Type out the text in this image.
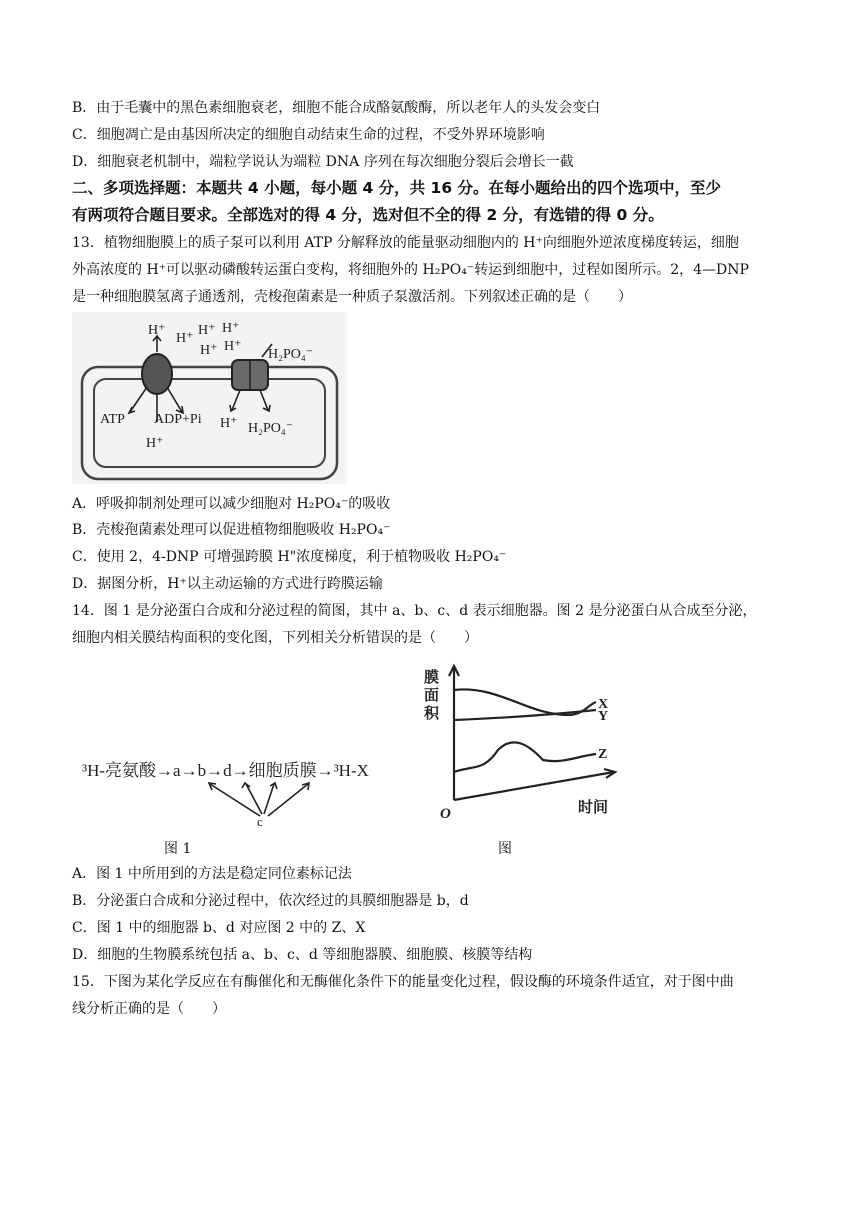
B．由于毛囊中的黑色素细胞衰老，细胞不能合成酪氨酸酶，所以老年人的头发会变白
C．细胞凋亡是由基因所决定的细胞自动结束生命的过程，不受外界环境影响
D．细胞衰老机制中，端粒学说认为端粒 DNA 序列在每次细胞分裂后会增长一截
二、多项选择题：本题共 4 小题，每小题 4 分，共 16 分。在每小题给出的四个选项中，至少
有两项符合题目要求。全部选对的得 4 分，选对但不全的得 2 分，有选错的得 0 分。
13．植物细胞膜上的质子泵可以利用 ATP 分解释放的能量驱动细胞内的 H⁺向细胞外逆浓度梯度转运，细胞
外高浓度的 H⁺可以驱动磷酸转运蛋白变构，将细胞外的 H₂PO₄⁻转运到细胞中，过程如图所示。2，4—DNP
是一种细胞膜氢离子通透剂，壳梭孢菌素是一种质子泵激活剂。下列叙述正确的是（　　）
H⁺
H⁺
H⁺ H⁺
H⁺ H⁺
H₂PO₄⁻
ATP ADP+Pi
H⁺
H⁺ H₂PO₄⁻
A．呼吸抑制剂处理可以减少细胞对 H₂PO₄⁻的吸收
B．壳梭孢菌素处理可以促进植物细胞吸收 H₂PO₄⁻
C．使用 2，4-DNP 可增强跨膜 H"浓度梯度，利于植物吸收 H₂PO₄⁻
D．据图分析，H⁺以主动运输的方式进行跨膜运输
14．图 1 是分泌蛋白合成和分泌过程的简图，其中 a、b、c、d 表示细胞器。图 2 是分泌蛋白从合成至分泌，
细胞内相关膜结构面积的变化图，下列相关分析错误的是（　　）
³H-亮氨酸→a→b→d→细胞质膜→³H-X
c
膜
面
积
X
Y
Z
O	时间
图 1	图
A．图 1 中所用到的方法是稳定同位素标记法
B．分泌蛋白合成和分泌过程中，依次经过的具膜细胞器是 b，d
C．图 1 中的细胞器 b、d 对应图 2 中的 Z、X
D．细胞的生物膜系统包括 a、b、c、d 等细胞器膜、细胞膜、核膜等结构
15．下图为某化学反应在有酶催化和无酶催化条件下的能量变化过程，假设酶的环境条件适宜，对于图中曲
线分析正确的是（　　）
